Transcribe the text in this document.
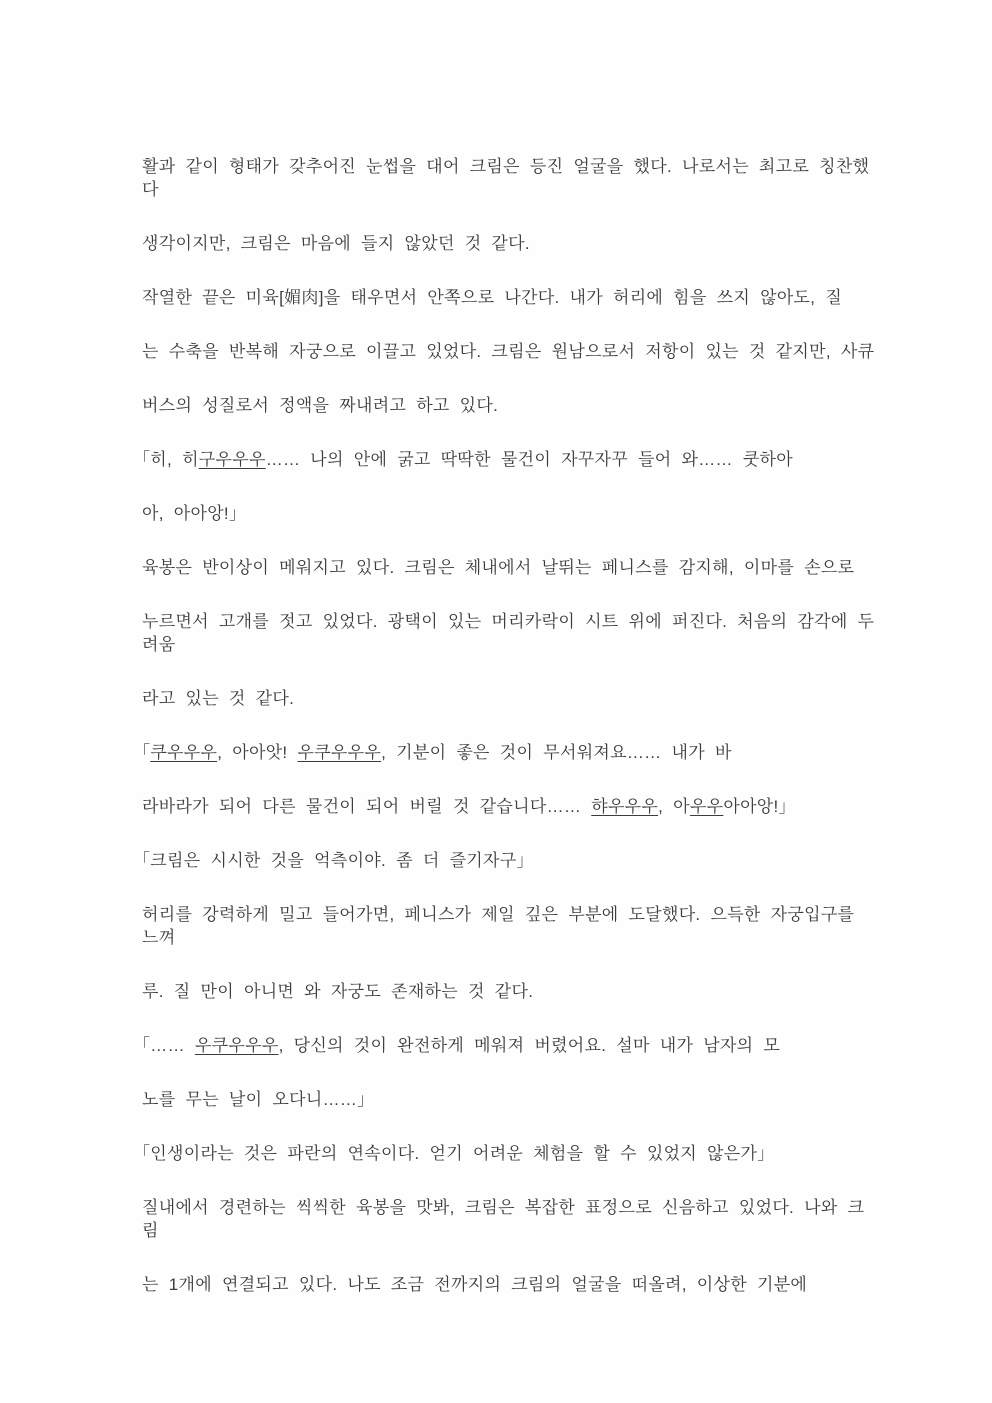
활과 같이 형태가 갖추어진 눈썹을 대어 크림은 등진 얼굴을 했다. 나로서는 최고로 칭찬했다

생각이지만, 크림은 마음에 들지 않았던 것 같다.

작열한 끝은 미육[媚肉]을 태우면서 안쪽으로 나간다. 내가 허리에 힘을 쓰지 않아도, 질

는 수축을 반복해 자궁으로 이끌고 있었다. 크림은 원남으로서 저항이 있는 것 같지만, 사큐

버스의 성질로서 정액을 짜내려고 하고 있다.

「히, 히구우우우…… 나의 안에 굵고 딱딱한 물건이 자꾸자꾸 들어 와…… 쿳하아

아, 아아앙!」

육봉은 반이상이 메워지고 있다. 크림은 체내에서 날뛰는 페니스를 감지해, 이마를 손으로

누르면서 고개를 젓고 있었다. 광택이 있는 머리카락이 시트 위에 퍼진다. 처음의 감각에 두려움

라고 있는 것 같다.

「쿠우우우, 아아앗! 우쿠우우우, 기분이 좋은 것이 무서워져요…… 내가 바

라바라가 되어 다른 물건이 되어 버릴 것 같습니다…… 햐우우우, 아우우아아앙!」

「크림은 시시한 것을 억측이야. 좀 더 즐기자구」

허리를 강력하게 밀고 들어가면, 페니스가 제일 깊은 부분에 도달했다. 으득한 자궁입구를 느껴

루. 질 만이 아니면 와 자궁도 존재하는 것 같다.

「…… 우쿠우우우, 당신의 것이 완전하게 메워져 버렸어요. 설마 내가 남자의 모

노를 무는 날이 오다니……」

「인생이라는 것은 파란의 연속이다. 얻기 어려운 체험을 할 수 있었지 않은가」

질내에서 경련하는 씩씩한 육봉을 맛봐, 크림은 복잡한 표정으로 신음하고 있었다. 나와 크림

는 1개에 연결되고 있다. 나도 조금 전까지의 크림의 얼굴을 떠올려, 이상한 기분에
